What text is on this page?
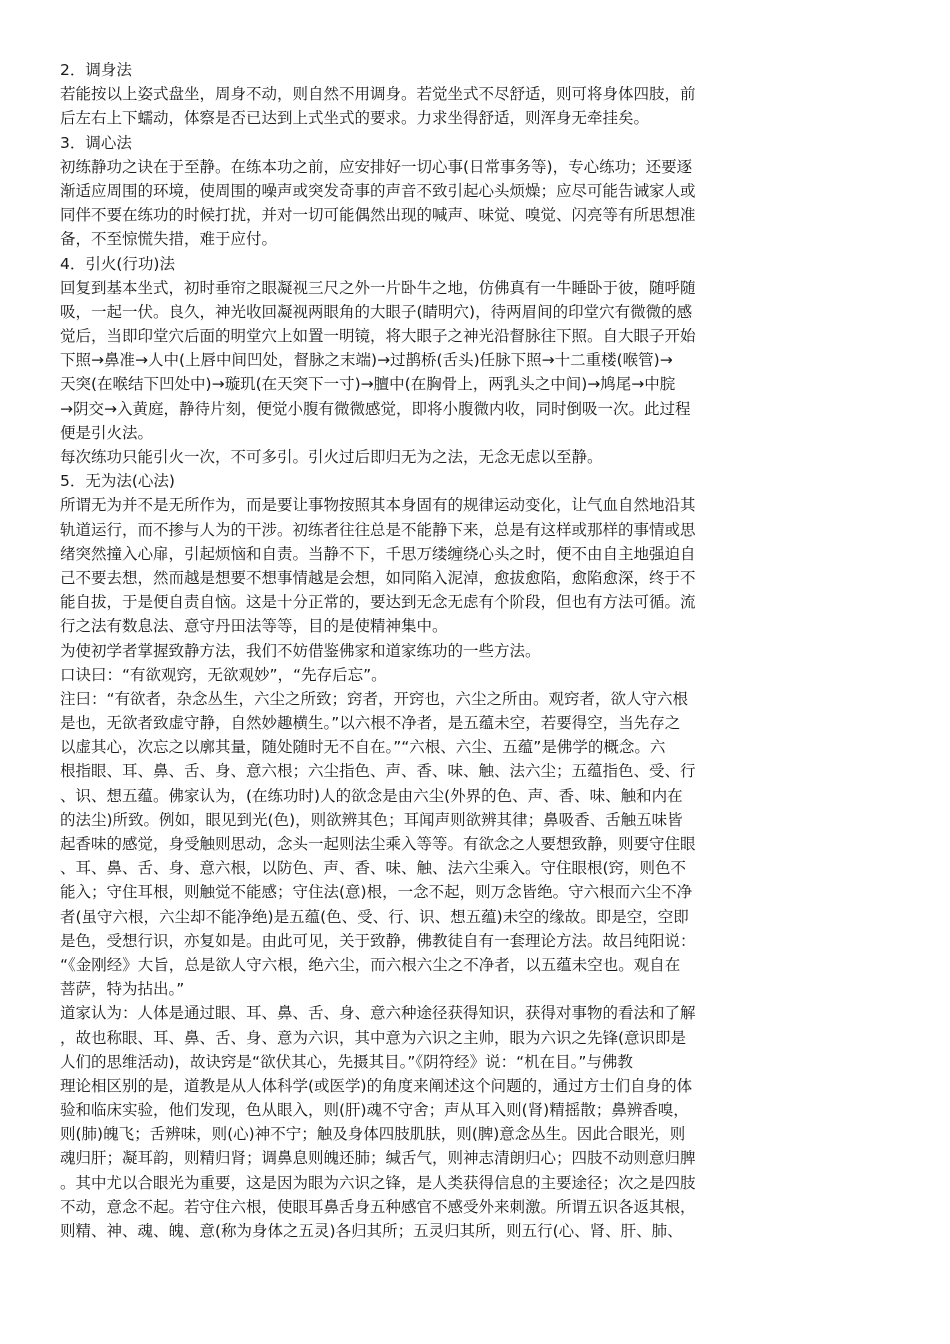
2．调身法
若能按以上姿式盘坐，周身不动，则自然不用调身。若觉坐式不尽舒适，则可将身体四肢，前
后左右上下蠕动，体察是否已达到上式坐式的要求。力求坐得舒适，则浑身无牵挂矣。
3．调心法
初练静功之诀在于至静。在练本功之前，应安排好一切心事(日常事务等)，专心练功；还要逐
渐适应周围的环境，使周围的噪声或突发奇事的声音不致引起心头烦燥；应尽可能告诫家人或
同伴不要在练功的时候打扰，并对一切可能偶然出现的喊声、味觉、嗅觉、闪亮等有所思想准
备，不至惊慌失措，难于应付。
4．引火(行功)法
回复到基本坐式，初时垂帘之眼凝视三尺之外一片卧牛之地，仿佛真有一牛睡卧于彼，随呼随
吸，一起一伏。良久，神光收回凝视两眼角的大眼子(睛明穴)，待两眉间的印堂穴有微微的感
觉后，当即印堂穴后面的明堂穴上如置一明镜，将大眼子之神光沿督脉往下照。自大眼子开始
下照→鼻准→人中(上唇中间凹处，督脉之末端)→过鹊桥(舌头)任脉下照→十二重楼(喉管)→
天突(在喉结下凹处中)→璇玑(在天突下一寸)→膻中(在胸骨上，两乳头之中间)→鸠尾→中脘
→阴交→入黄庭，静待片刻，便觉小腹有微微感觉，即将小腹微内收，同时倒吸一次。此过程
便是引火法。
每次练功只能引火一次，不可多引。引火过后即归无为之法，无念无虑以至静。
5．无为法(心法)
所谓无为并不是无所作为，而是要让事物按照其本身固有的规律运动变化，让气血自然地沿其
轨道运行，而不掺与人为的干涉。初练者往往总是不能静下来，总是有这样或那样的事情或思
绪突然撞入心扉，引起烦恼和自责。当静不下，千思万缕缠绕心头之时，便不由自主地强迫自
己不要去想，然而越是想要不想事情越是会想，如同陷入泥淖，愈拔愈陷，愈陷愈深，终于不
能自拔，于是便自责自恼。这是十分正常的，要达到无念无虑有个阶段，但也有方法可循。流
行之法有数息法、意守丹田法等等，目的是使精神集中。
为使初学者掌握致静方法，我们不妨借鉴佛家和道家练功的一些方法。
口诀曰：“有欲观窍，无欲观妙”，“先存后忘”。
注曰：“有欲者，杂念丛生，六尘之所致；窍者，开窍也，六尘之所由。观窍者，欲人守六根
是也，无欲者致虚守静，自然妙趣横生。”以六根不净者，是五蕴未空，若要得空，当先存之
以虚其心，次忘之以廓其量，随处随时无不自在。”“六根、六尘、五蕴”是佛学的概念。六
根指眼、耳、鼻、舌、身、意六根；六尘指色、声、香、味、触、法六尘；五蕴指色、受、行
、识、想五蕴。佛家认为，(在练功时)人的欲念是由六尘(外界的色、声、香、味、触和内在
的法尘)所致。例如，眼见到光(色)，则欲辨其色；耳闻声则欲辨其律；鼻吸香、舌触五味皆
起香味的感觉，身受触则思动，念头一起则法尘乘入等等。有欲念之人要想致静，则要守住眼
、耳、鼻、舌、身、意六根，以防色、声、香、味、触、法六尘乘入。守住眼根(窍，则色不
能入；守住耳根，则触觉不能感；守住法(意)根，一念不起，则万念皆绝。守六根而六尘不净
者(虽守六根，六尘却不能净绝)是五蕴(色、受、行、识、想五蕴)未空的缘故。即是空，空即
是色，受想行识，亦复如是。由此可见，关于致静，佛教徒自有一套理论方法。故吕纯阳说：
“《金刚经》大旨，总是欲人守六根，绝六尘，而六根六尘之不净者，以五蕴未空也。观自在
菩萨，特为拈出。”
道家认为：人体是通过眼、耳、鼻、舌、身、意六种途径获得知识，获得对事物的看法和了解
，故也称眼、耳、鼻、舌、身、意为六识，其中意为六识之主帅，眼为六识之先锋(意识即是
人们的思维活动)，故诀窍是“欲伏其心，先摄其目。”《阴符经》说：“机在目。”与佛教
理论相区别的是，道教是从人体科学(或医学)的角度来阐述这个问题的，通过方士们自身的体
验和临床实验，他们发现，色从眼入，则(肝)魂不守舍；声从耳入则(肾)精摇散；鼻辨香嗅，
则(肺)魄飞；舌辨味，则(心)神不宁；触及身体四肢肌肤，则(脾)意念丛生。因此合眼光，则
魂归肝；凝耳韵，则精归肾；调鼻息则魄还肺；缄舌气，则神志清朗归心；四肢不动则意归脾
。其中尤以合眼光为重要，这是因为眼为六识之锋，是人类获得信息的主要途径；次之是四肢
不动，意念不起。若守住六根，使眼耳鼻舌身五种感官不感受外来刺激。所谓五识各返其根，
则精、神、魂、魄、意(称为身体之五灵)各归其所；五灵归其所，则五行(心、肾、肝、肺、
